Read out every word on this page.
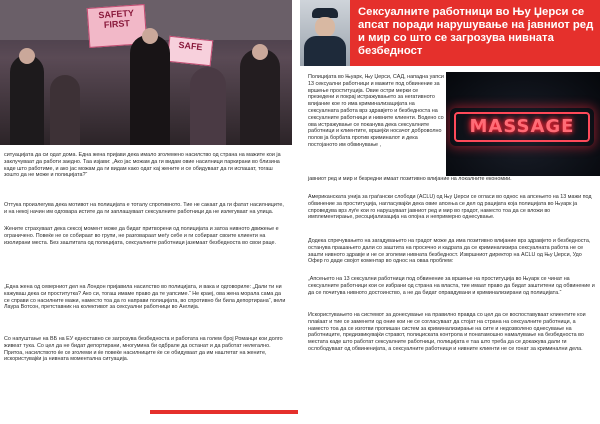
SAFETY FIRST
SAFE

ситуацијата да си одат дома. Една жена пријави дека имало зголемено насилство од страна на мажите кои ја заклучуваат да работи заедно. Таа изјави: „Ако јас можам да ги видам овие насилници паркирани во близина каде што работиме, и ако јас можам да ги видам како одат кај жените и се обидуваат да ги испашат, тогаш зошто да не може и полицијата?“

Оттука произлегува дека мотивот на полицијата е тоталу спротивното. Тие не сакаат да ги фатат насилниците, и на некој начин им одговара истите да ги заплашуваат сексуалните работници да не излегуваат на улица.

Жените страхуваат дека сексој момент може да бидат притворени од полицијата и затоа нивното движење е ограничено. Повеќе не се собираат во групи, не разговараат меѓу себе и ги собираат своите клиенти на изолирани места. Без заштитата од полицијата, сексуалните работници јаземаат безбедноста во свои раце.

„Една жена од северниот дел на Лондон пријавила насилство во полицијата, и вака и одговориле: „Дали ти ни кажуваш дека си проститутка? Ако си, тогаш имаме право да те уапсиме.“ Не краеј, ова жена морала сама да се справи со насилните мажи, наместо тоа да го направи полицијата, во спротивно би била депортирана“, вели Лаура Вотсон, претставник на колективот за сексуални работници во Англија.

Со напуштање на ВБ на ЕУ едноставно се загрозува безбедноста и работата на голем број Романци кои долго живеат тука. Со цел да не бидат депортирани, многумина би одбрале да останат и да работат нелегално. Притоа, насилството ќе се зголеми и ќе повеќе насилниците ќе се обидуваат да им наштетат на жените, искористувајќи ја нивната моментална ситуација.

Сексуалните работници во Њу Џерси се апсат поради нарушување на јавниот ред и мир со што се загрозува нивната безбедност

Полицијата во Њуарк, Њу Џерси, САД, нападна уапси 13 сексуални работници и мажите под обвинение за вршење проституција. Овие остри мерки се презедени и покрај истражувањето за негативното влијание кое го има криминализацијата на сексуалната работа врз здравјето и безбедноста на сексуалните работници и нивните клиенти. Водено со ова истражување се поканува дека сексуалните работници и клиентите, вршејќи носачот доброволно полов ја борбата против криминалот и дека постојаното им обвинување ,

MASSAGE

јавниот ред и мир и безредни имаат позитивно влијание на локалните економии.

Американската унија за граѓански слободи (ACLU) од Њу Џерси се огласи во однос на апсењето на 13 мажи под обвинение за проституција, нагласувајќи дека овие апсења се дел од рацијата која полицијата во Њуарк ја спроведува врз луѓе кои го нарушуваат јавниот ред и мир во градот, наместо тоа да се вложи во имплементирање, ресоцијализација на опојна и непримерно однесување.

Додека спречувањето на загадувањето на градот може да има позитивно влијание врз здравјето и безбедноста, останува прашањето дали со заштита на просечно и кадрата да се криминализира сексуалната работа не се зашти нивното здравје и не се зголеми нивната безбедност. Извршниот директор на ACLU од Њу Џерси, Удо Офер го даде својот коментар во однос на оваа проблем:

„Апсењето на 13 сексуални работници под обвинение за вршење на проституција во Њуарк се чинат на сексуалните работници кои се избрани од страна на власта, тие имаат право да бидат заштитени од обвинение и да се почитува нивното достоинство, а не да бидат оправдувани и криминализирани од полицијата.“

Искористувањето на системот за донесување на правилно правда со цел да се воспоставуваат клиентите кои плаќаат и тие се заменети од оние кои не се согласуваат да стојат на страна на сексуалните работници, а наместо тоа да се изготви пропишан систем за криминализирање на сите и недозволено однесување на работниците, предизвикувајќи стравот, полициската контрола и понатамошно намалување на безбедноста во местата каде што работат сексуалните работници, полицијата е таа што треба да се докажува дали ги ослободуваат од обвиненијата, а сексуалните работници и нивните клиенти не се гонат за криминални дела.
